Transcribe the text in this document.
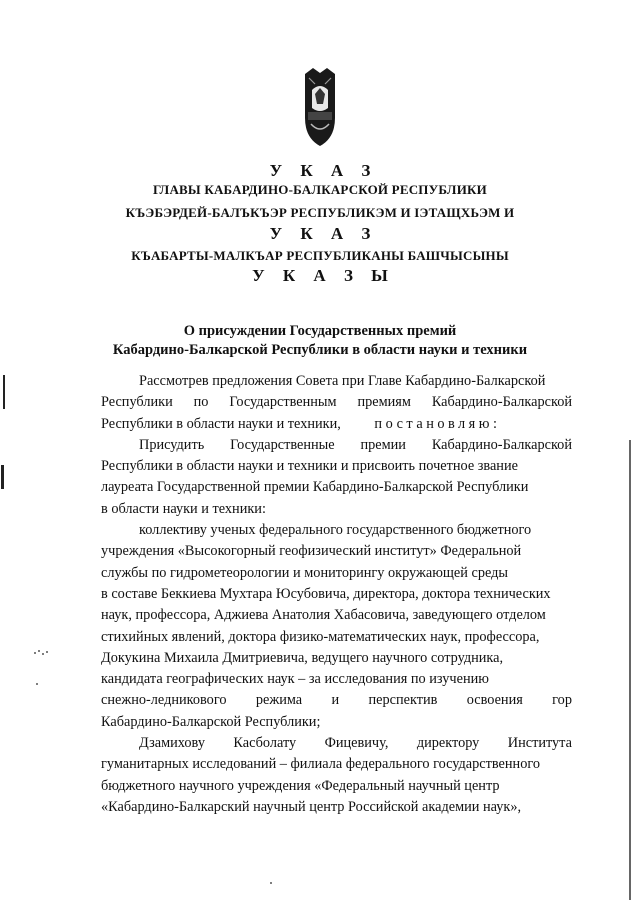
У К А З
ГЛАВЫ КАБАРДИНО-БАЛКАРСКОЙ РЕСПУБЛИКИ
КЪЭБЭРДЕЙ-БАЛЪКЪЭР РЕСПУБЛИКЭМ И IЭТАЩХЬЭМ И
У К А З
КЪАБАРТЫ-МАЛКЪАР РЕСПУБЛИКАНЫ БАШЧЫСЫНЫ
У К А З Ы
О присуждении Государственных премий
Кабардино-Балкарской Республики в области науки и техники
Рассмотрев предложения Совета при Главе Кабардино-Балкарской
Республики по Государственным премиям Кабардино-Балкарской
Республики в области науки и техники, постановляю:
Присудить Государственные премии Кабардино-Балкарской
Республики в области науки и техники и присвоить почетное звание
лауреата Государственной премии Кабардино-Балкарской Республики
в области науки и техники:
коллективу ученых федерального государственного бюджетного
учреждения «Высокогорный геофизический институт» Федеральной
службы по гидрометеорологии и мониторингу окружающей среды
в составе Беккиева Мухтара Юсубовича, директора, доктора технических
наук, профессора, Аджиева Анатолия Хабасовича, заведующего отделом
стихийных явлений, доктора физико-математических наук, профессора,
Докукина Михаила Дмитриевича, ведущего научного сотрудника,
кандидата географических наук – за исследования по изучению
снежно-ледникового режима и перспектив освоения гор
Кабардино-Балкарской Республики;
Дзамихову Касболату Фицевичу, директору Института
гуманитарных исследований – филиала федерального государственного
бюджетного научного учреждения «Федеральный научный центр
«Кабардино-Балкарский научный центр Российской академии наук»,
